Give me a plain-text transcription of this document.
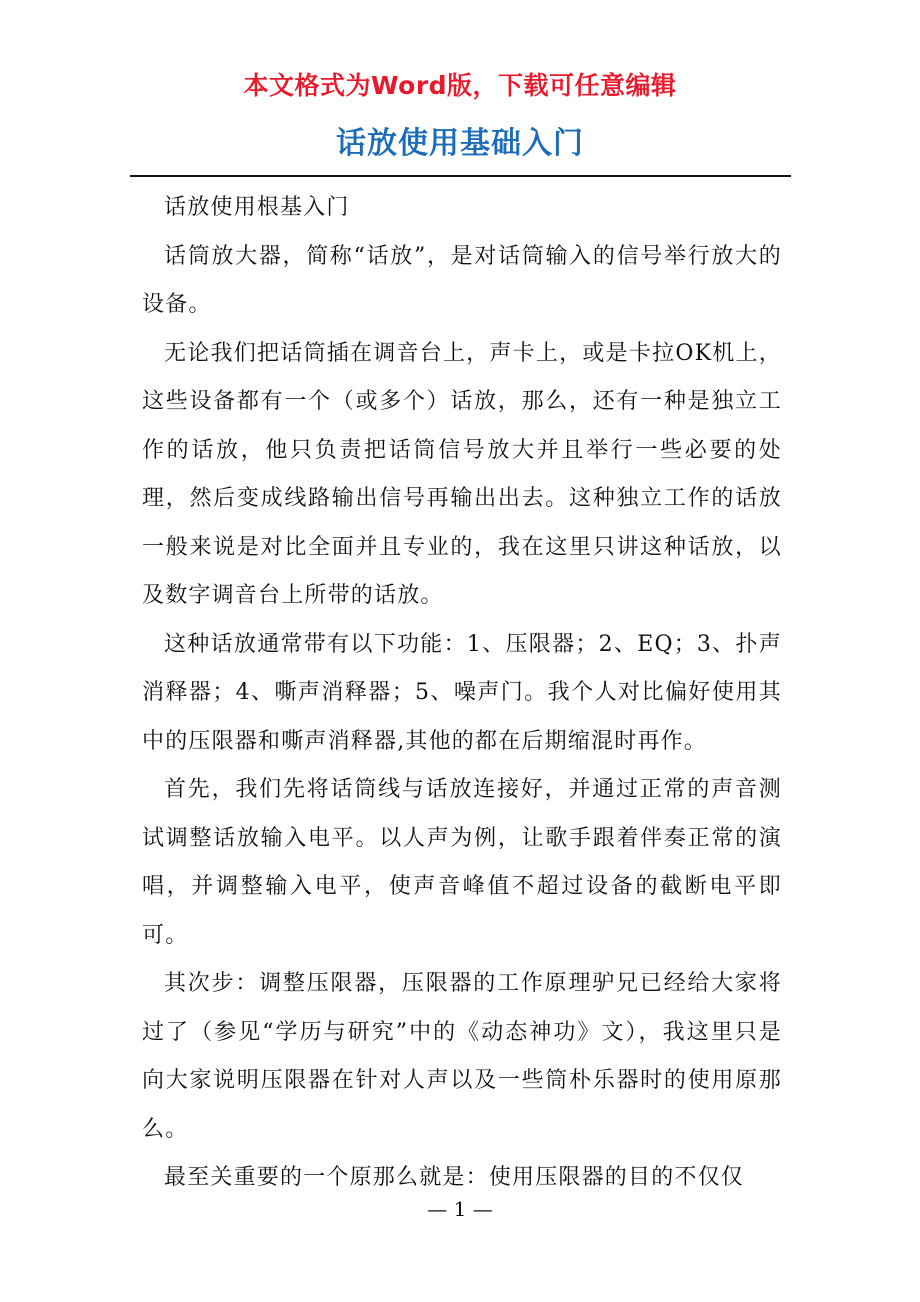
本文格式为Word版，下载可任意编辑
话放使用基础入门

话放使用根基入门

话筒放大器，简称“话放”，是对话筒输入的信号举行放大的设备。

无论我们把话筒插在调音台上，声卡上，或是卡拉OK机上，这些设备都有一个（或多个）话放，那么，还有一种是独立工作的话放，他只负责把话筒信号放大并且举行一些必要的处理，然后变成线路输出信号再输出出去。这种独立工作的话放一般来说是对比全面并且专业的，我在这里只讲这种话放，以及数字调音台上所带的话放。

这种话放通常带有以下功能：1、压限器；2、EQ；3、扑声消释器；4、嘶声消释器；5、噪声门。我个人对比偏好使用其中的压限器和嘶声消释器,其他的都在后期缩混时再作。

首先，我们先将话筒线与话放连接好，并通过正常的声音测试调整话放输入电平。以人声为例，让歌手跟着伴奏正常的演唱，并调整输入电平，使声音峰值不超过设备的截断电平即可。

其次步：调整压限器，压限器的工作原理驴兄已经给大家将过了（参见“学历与研究”中的《动态神功》文），我这里只是向大家说明压限器在针对人声以及一些筒朴乐器时的使用原那么。

最至关重要的一个原那么就是：使用压限器的目的不仅仅

— 1 —
